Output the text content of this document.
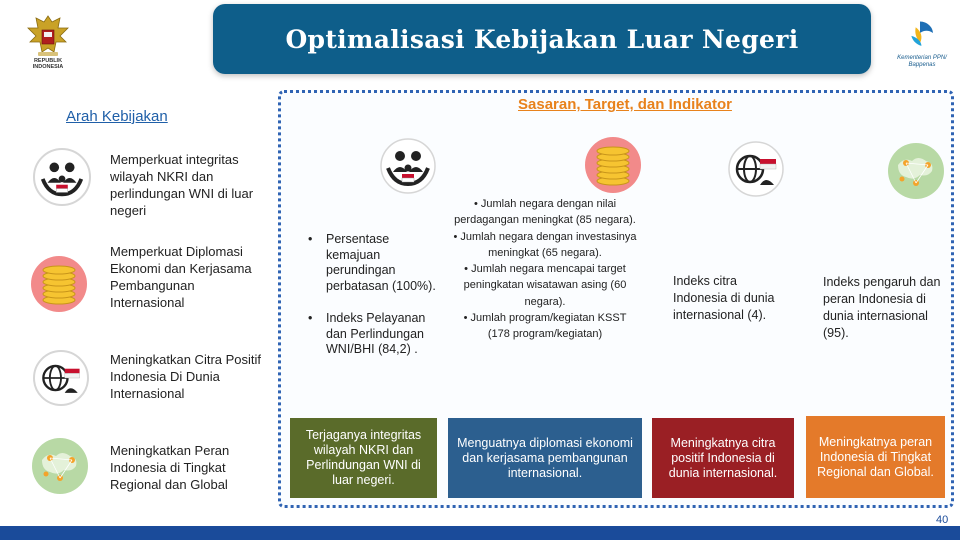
REPUBLIK
INDONESIA
Optimalisasi Kebijakan Luar Negeri
Kementerian PPN/
Bappenas
Arah Kebijakan
Memperkuat integritas wilayah NKRI dan perlindungan WNI di luar negeri
Memperkuat Diplomasi Ekonomi dan Kerjasama Pembangunan Internasional
Meningkatkan Citra Positif Indonesia Di Dunia Internasional
Meningkatkan Peran Indonesia di Tingkat Regional dan Global
Sasaran, Target, dan Indikator
•	Persentase kemajuan perundingan perbatasan (100%).
•	Indeks Pelayanan dan Perlindungan WNI/BHI (84,2) .
Terjaganya integritas wilayah NKRI dan Perlindungan WNI di luar negeri.
• Jumlah negara dengan nilai perdagangan meningkat (85 negara).
• Jumlah negara dengan investasinya meningkat (65 negara).
• Jumlah negara mencapai target peningkatan wisatawan asing (60 negara).
• Jumlah program/kegiatan KSST (178 program/kegiatan)
Menguatnya diplomasi ekonomi dan kerjasama pembangunan internasional.
Indeks citra Indonesia di dunia internasional (4).
Meningkatnya citra positif Indonesia di dunia internasional.
Indeks pengaruh dan peran Indonesia di dunia internasional (95).
Meningkatnya peran Indonesia di Tingkat Regional dan Global.
40
